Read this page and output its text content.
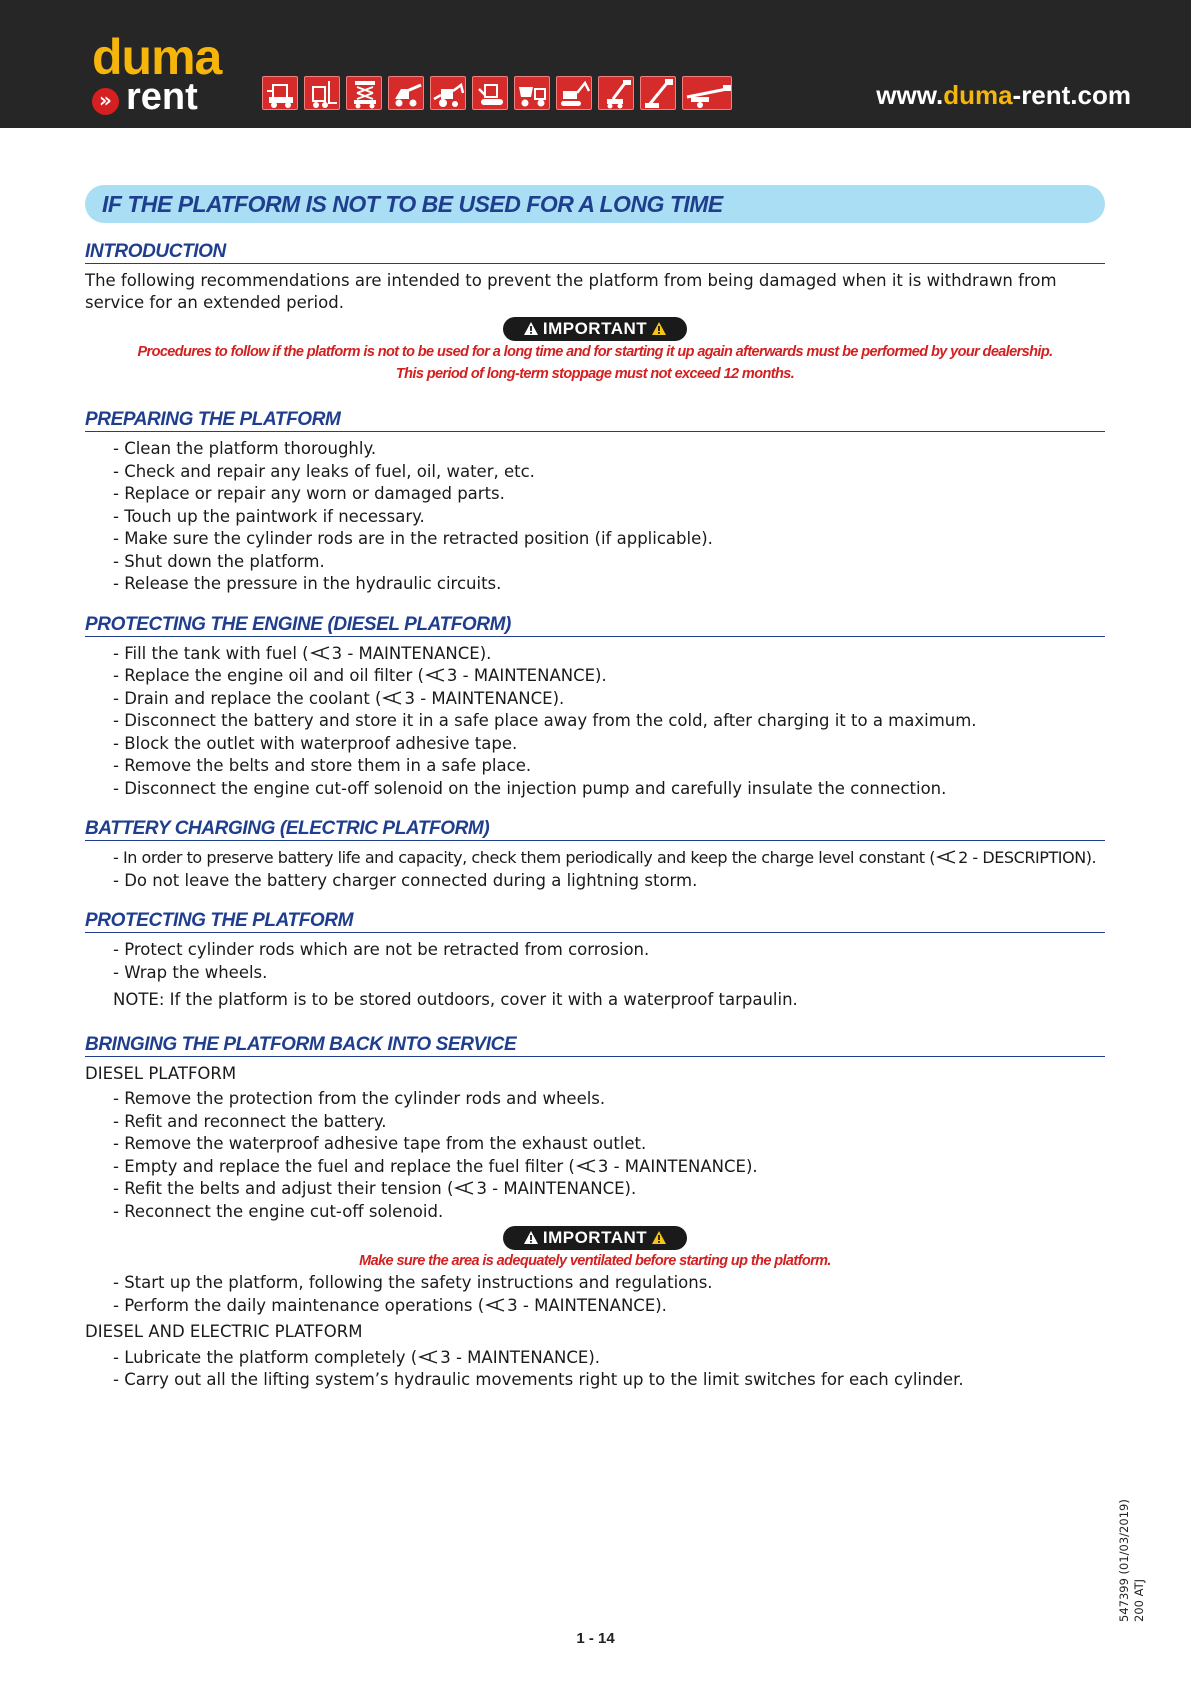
duma
» rent	www.duma-rent.com
IF THE PLATFORM IS NOT TO BE USED FOR A LONG TIME
INTRODUCTION

The following recommendations are intended to prevent the platform from being damaged when it is withdrawn from service for an extended period.

IMPORTANT

Procedures to follow if the platform is not to be used for a long time and for starting it up again afterwards must be performed by your dealership.

This period of long-term stoppage must not exceed 12 months.

PREPARING THE PLATFORM
- Clean the platform thoroughly.
- Check and repair any leaks of fuel, oil, water, etc.
- Replace or repair any worn or damaged parts.
- Touch up the paintwork if necessary.
- Make sure the cylinder rods are in the retracted position (if applicable).
- Shut down the platform.
- Release the pressure in the hydraulic circuits.
PROTECTING THE ENGINE (DIESEL PLATFORM)
- Fill the tank with fuel ( 3 - MAINTENANCE).
- Replace the engine oil and oil filter ( 3 - MAINTENANCE).
- Drain and replace the coolant ( 3 - MAINTENANCE).
- Disconnect the battery and store it in a safe place away from the cold, after charging it to a maximum.
- Block the outlet with waterproof adhesive tape.
- Remove the belts and store them in a safe place.
- Disconnect the engine cut-off solenoid on the injection pump and carefully insulate the connection.
BATTERY CHARGING (ELECTRIC PLATFORM)
- In order to preserve battery life and capacity, check them periodically and keep the charge level constant ( 2 - DESCRIPTION).
- Do not leave the battery charger connected during a lightning storm.
PROTECTING THE PLATFORM
- Protect cylinder rods which are not be retracted from corrosion.
- Wrap the wheels.

NOTE: If the platform is to be stored outdoors, cover it with a waterproof tarpaulin.

BRINGING THE PLATFORM BACK INTO SERVICE

DIESEL PLATFORM

- Remove the protection from the cylinder rods and wheels.
- Refit and reconnect the battery.
- Remove the waterproof adhesive tape from the exhaust outlet.
- Empty and replace the fuel and replace the fuel filter ( 3 - MAINTENANCE).
- Refit the belts and adjust their tension ( 3 - MAINTENANCE).
- Reconnect the engine cut-off solenoid.
IMPORTANT

Make sure the area is adequately ventilated before starting up the platform.

- Start up the platform, following the safety instructions and regulations.
- Perform the daily maintenance operations ( 3 - MAINTENANCE).

DIESEL AND ELECTRIC PLATFORM

- Lubricate the platform completely ( 3 - MAINTENANCE).
- Carry out all the lifting system’s hydraulic movements right up to the limit switches for each cylinder.
547399 (01/03/2019) 200 ATJ
1 - 14
